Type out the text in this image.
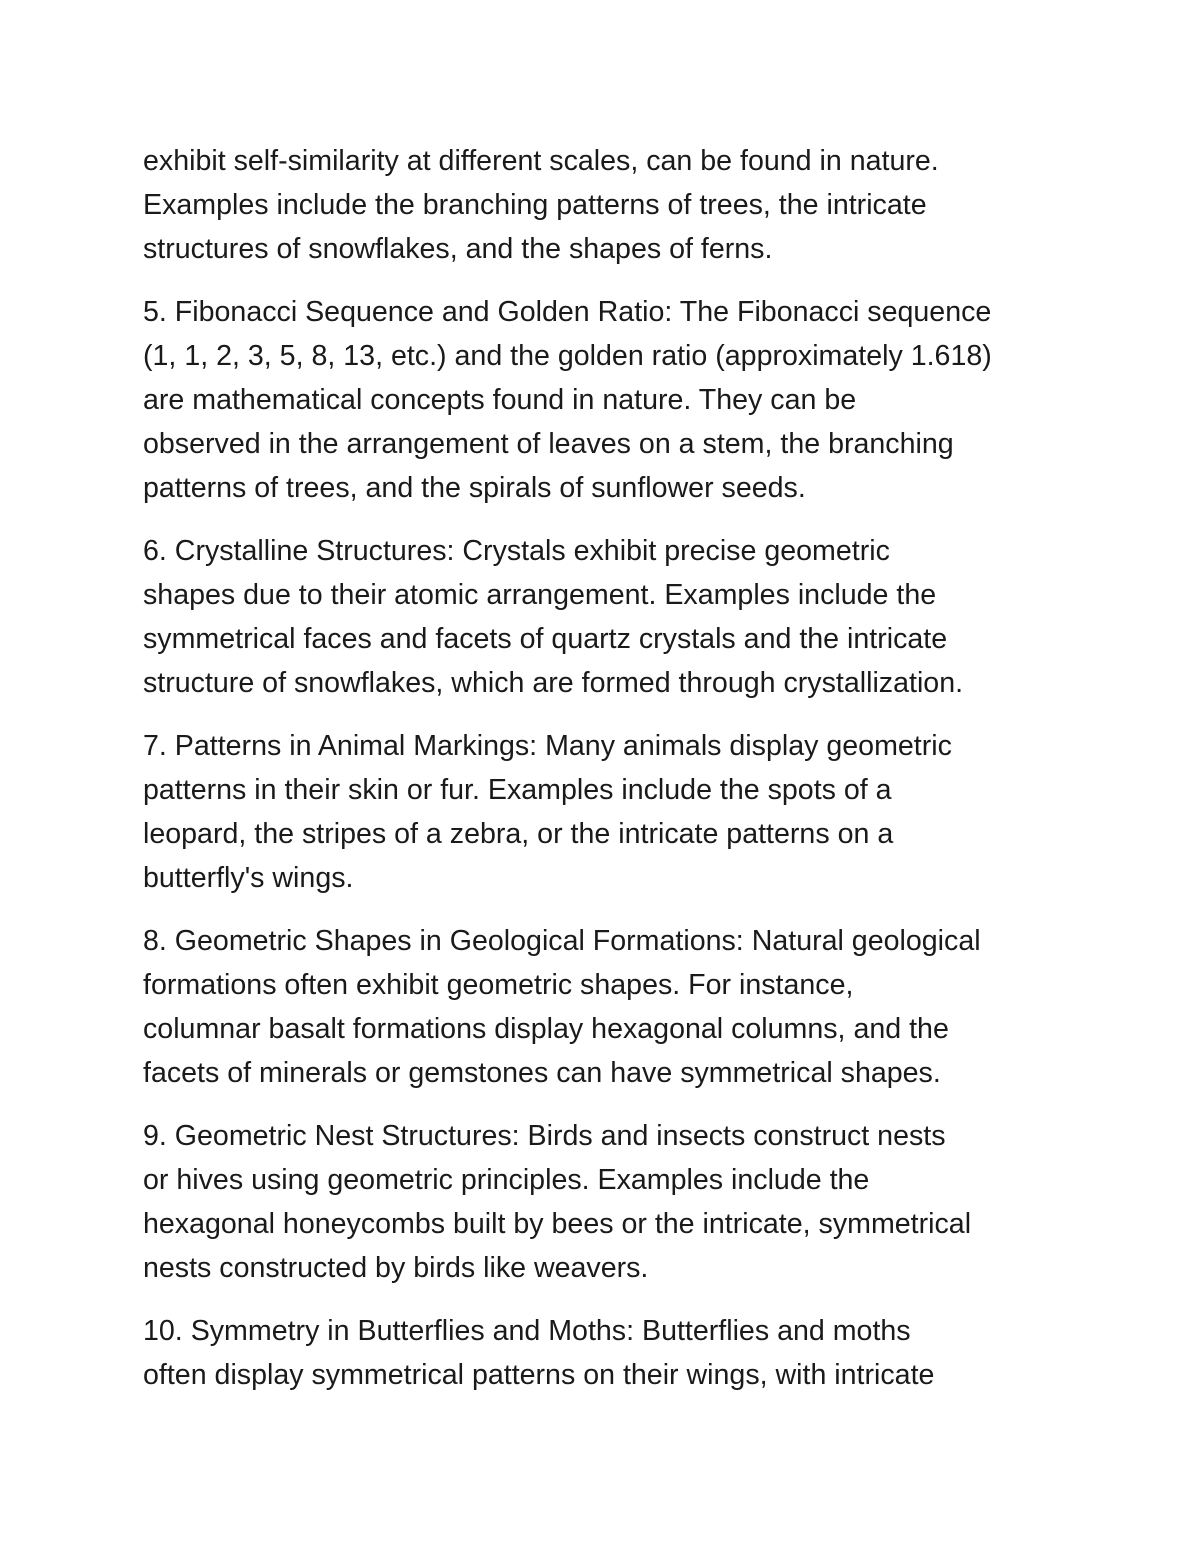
exhibit self-similarity at different scales, can be found in nature.
Examples include the branching patterns of trees, the intricate
structures of snowflakes, and the shapes of ferns.

5. Fibonacci Sequence and Golden Ratio: The Fibonacci sequence
(1, 1, 2, 3, 5, 8, 13, etc.) and the golden ratio (approximately 1.618)
are mathematical concepts found in nature. They can be
observed in the arrangement of leaves on a stem, the branching
patterns of trees, and the spirals of sunflower seeds.

6. Crystalline Structures: Crystals exhibit precise geometric
shapes due to their atomic arrangement. Examples include the
symmetrical faces and facets of quartz crystals and the intricate
structure of snowflakes, which are formed through crystallization.

7. Patterns in Animal Markings: Many animals display geometric
patterns in their skin or fur. Examples include the spots of a
leopard, the stripes of a zebra, or the intricate patterns on a
butterfly's wings.

8. Geometric Shapes in Geological Formations: Natural geological
formations often exhibit geometric shapes. For instance,
columnar basalt formations display hexagonal columns, and the
facets of minerals or gemstones can have symmetrical shapes.

9. Geometric Nest Structures: Birds and insects construct nests
or hives using geometric principles. Examples include the
hexagonal honeycombs built by bees or the intricate, symmetrical
nests constructed by birds like weavers.

10. Symmetry in Butterflies and Moths: Butterflies and moths
often display symmetrical patterns on their wings, with intricate
